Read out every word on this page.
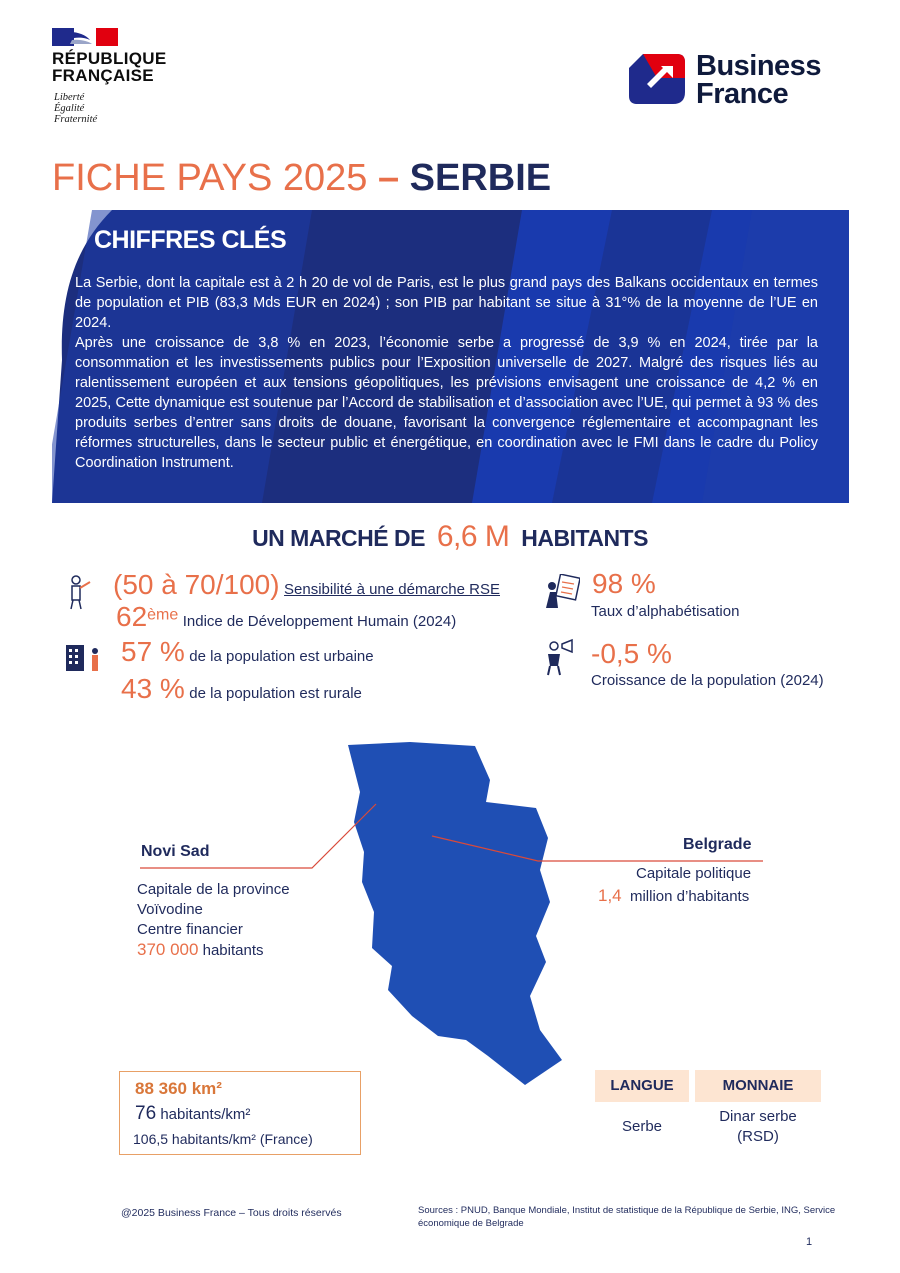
RÉPUBLIQUE
FRANÇAISE
Liberté
Égalité
Fraternité
Business
France
FICHE PAYS 2025 – SERBIE
CHIFFRES CLÉS

La Serbie, dont la capitale est à 2 h 20 de vol de Paris, est le plus grand pays des Balkans occidentaux en termes de population et PIB (83,3 Mds EUR en 2024) ; son PIB par habitant se situe à 31°% de la moyenne de l’UE en 2024.

Après une croissance de 3,8 % en 2023, l’économie serbe a progressé de 3,9 % en 2024, tirée par la consommation et les investissements publics pour l’Exposition universelle de 2027. Malgré des risques liés au ralentissement européen et aux tensions géopolitiques, les prévisions envisagent une croissance de 4,2 % en 2025, Cette dynamique est soutenue par l’Accord de stabilisation et d’association avec l’UE, qui permet à 93 % des produits serbes d’entrer sans droits de douane, favorisant la convergence réglementaire et accompagnant les réformes structurelles, dans le secteur public et énergétique, en coordination avec le FMI dans le cadre du Policy Coordination Instrument.

UN MARCHÉ DE 6,6 M HABITANTS
(50 à 70/100) Sensibilité à une démarche RSE
62ème Indice de Développement Humain (2024)
57 % de la population est urbaine
43 % de la population est rurale
98 %
Taux d’alphabétisation
-0,5 %
Croissance de la population (2024)
Novi Sad
Capitale de la province
Voïvodine
Centre financier
370 000 habitants
Belgrade
Capitale politique
1,4 million d’habitants
88 360 km²
76 habitants/km²
106,5 habitants/km² (France)
LANGUE	MONNAIE
Serbe
Dinar serbe
(RSD)
@2025 Business France – Tous droits réservés	Sources : PNUD, Banque Mondiale, Institut de statistique de la République de Serbie, ING, Service économique de Belgrade
1
